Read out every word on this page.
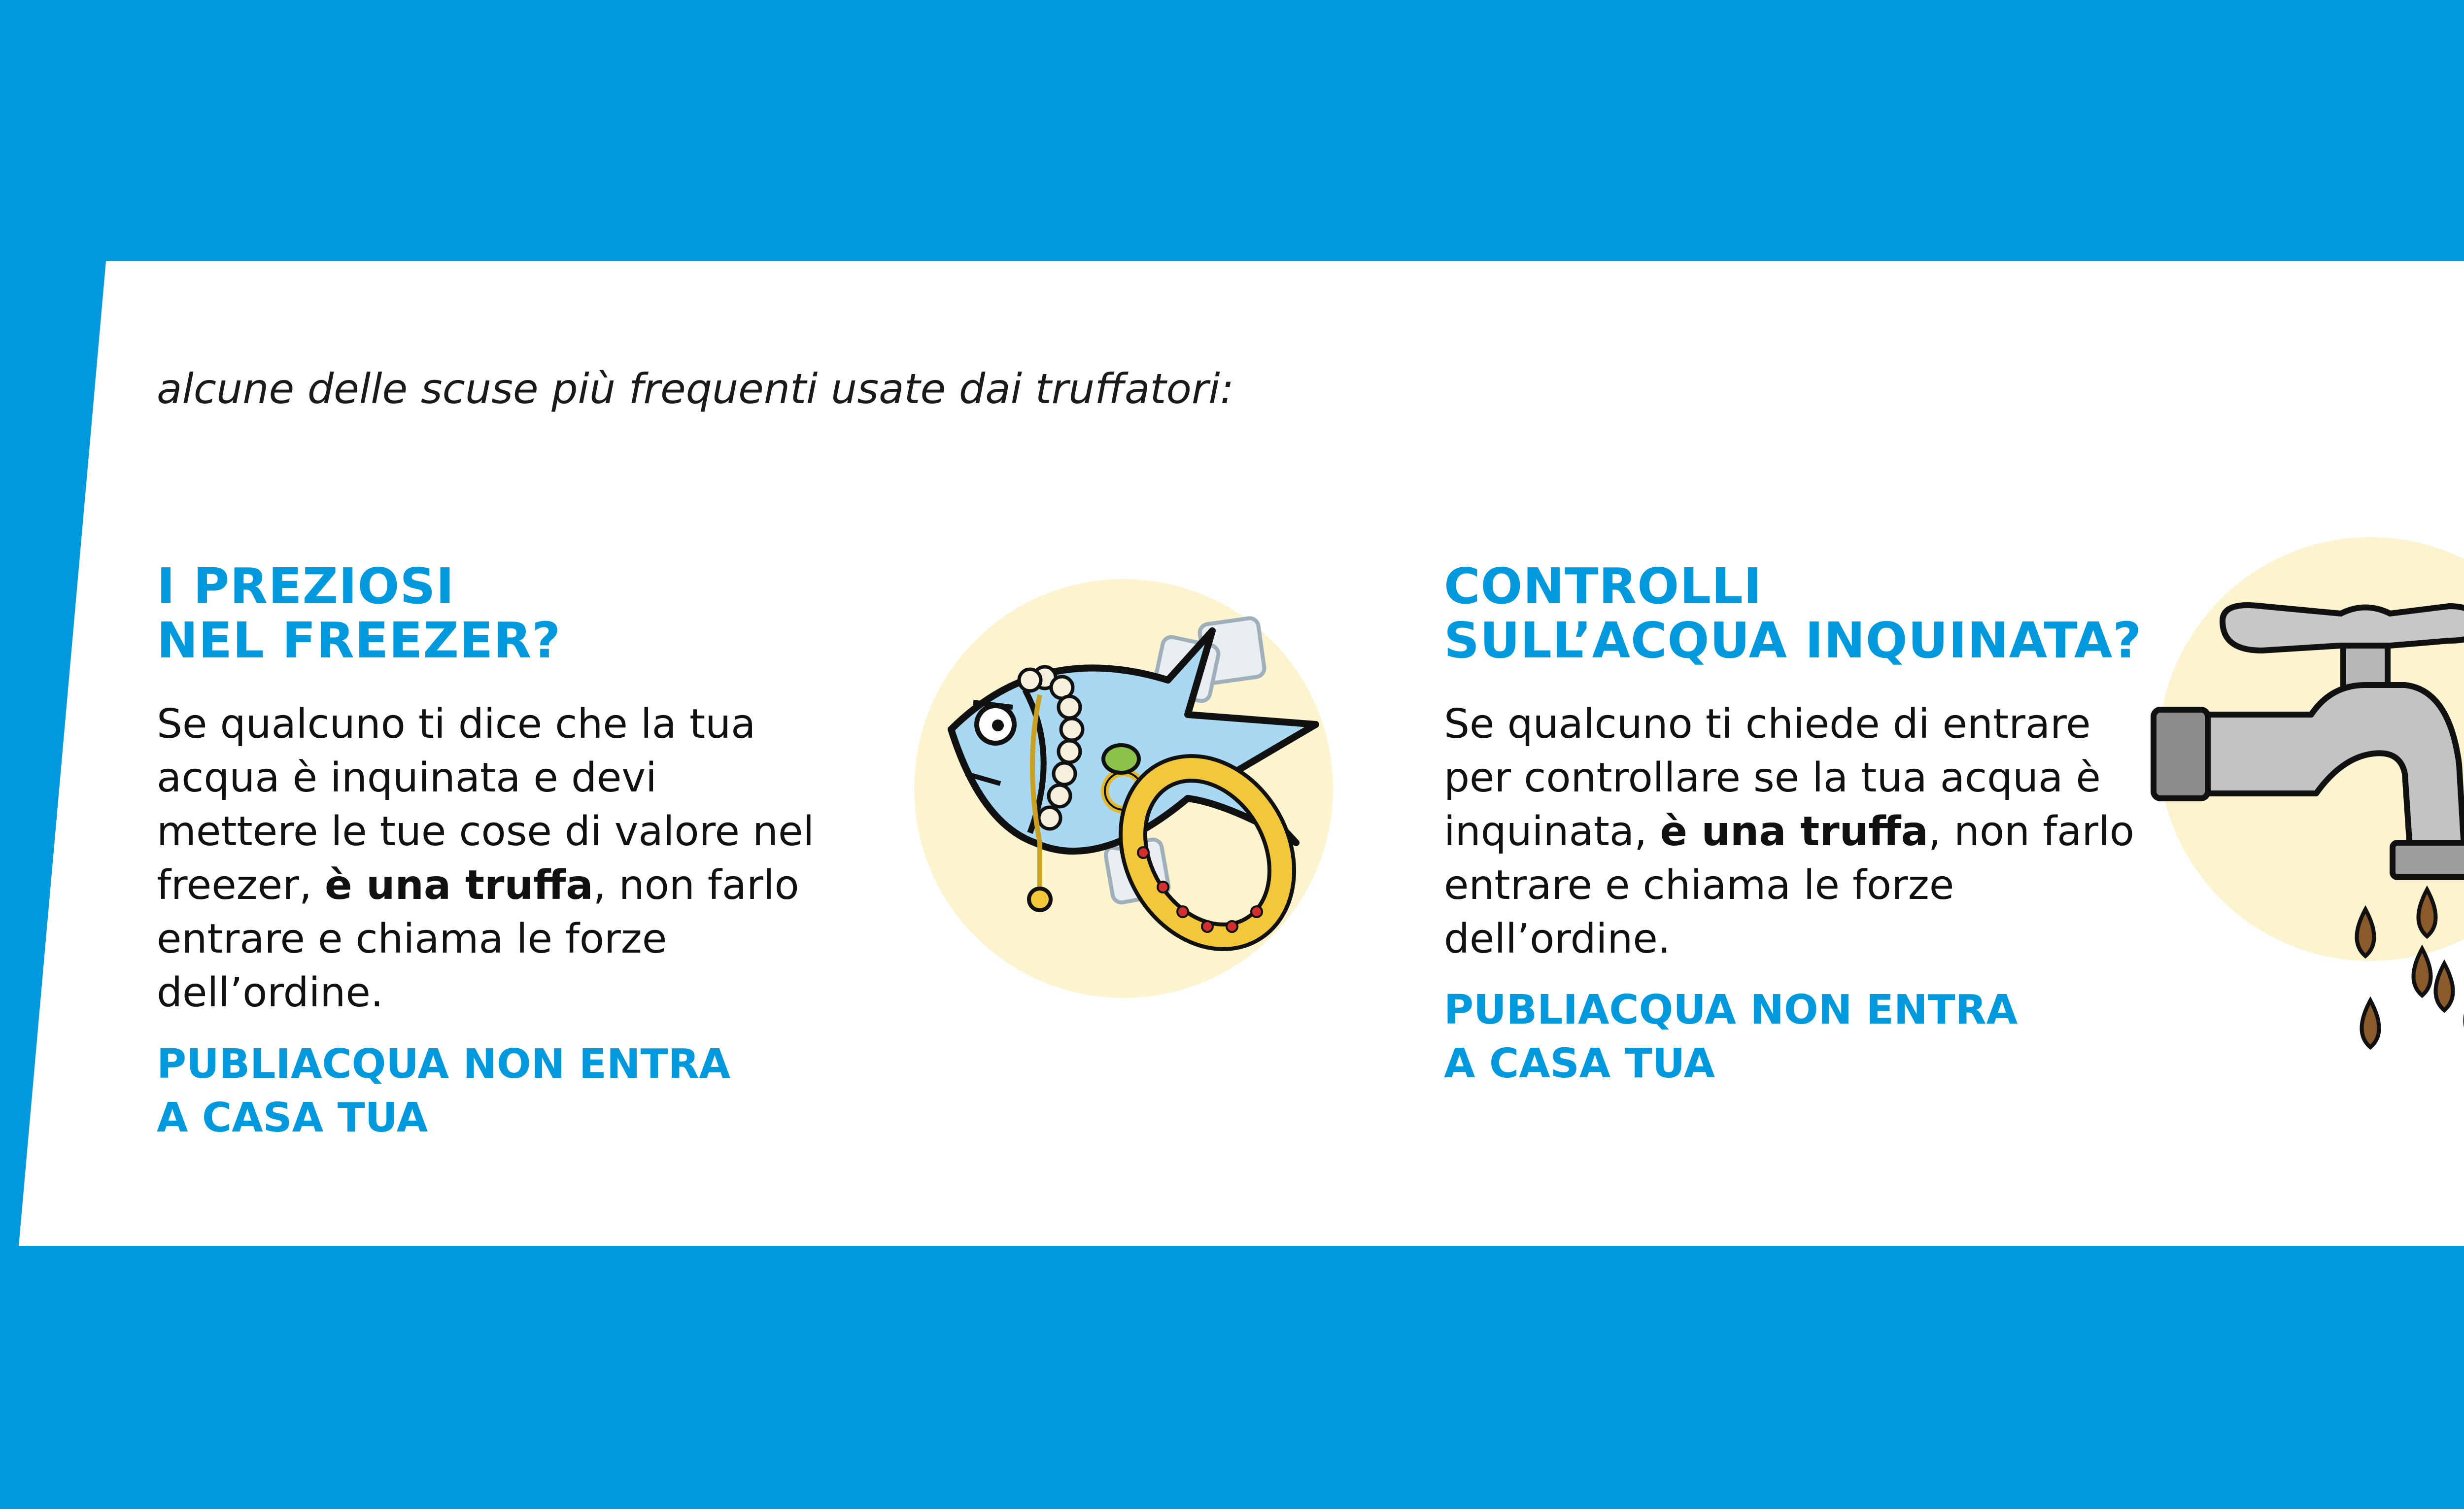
alcune delle scuse più frequenti usate dai truffatori:
I PREZIOSI
NEL FREEZER?

Se qualcuno ti dice che la tua
acqua è inquinata e devi
mettere le tue cose di valore nel
freezer, è una truffa, non farlo
entrare e chiama le forze
dell’ordine.

PUBLIACQUA NON ENTRA
A CASA TUA

CONTROLLI
SULL’ACQUA INQUINATA?

Se qualcuno ti chiede di entrare
per controllare se la tua acqua è
inquinata, è una truffa, non farlo
entrare e chiama le forze
dell’ordine.

PUBLIACQUA NON ENTRA
A CASA TUA
